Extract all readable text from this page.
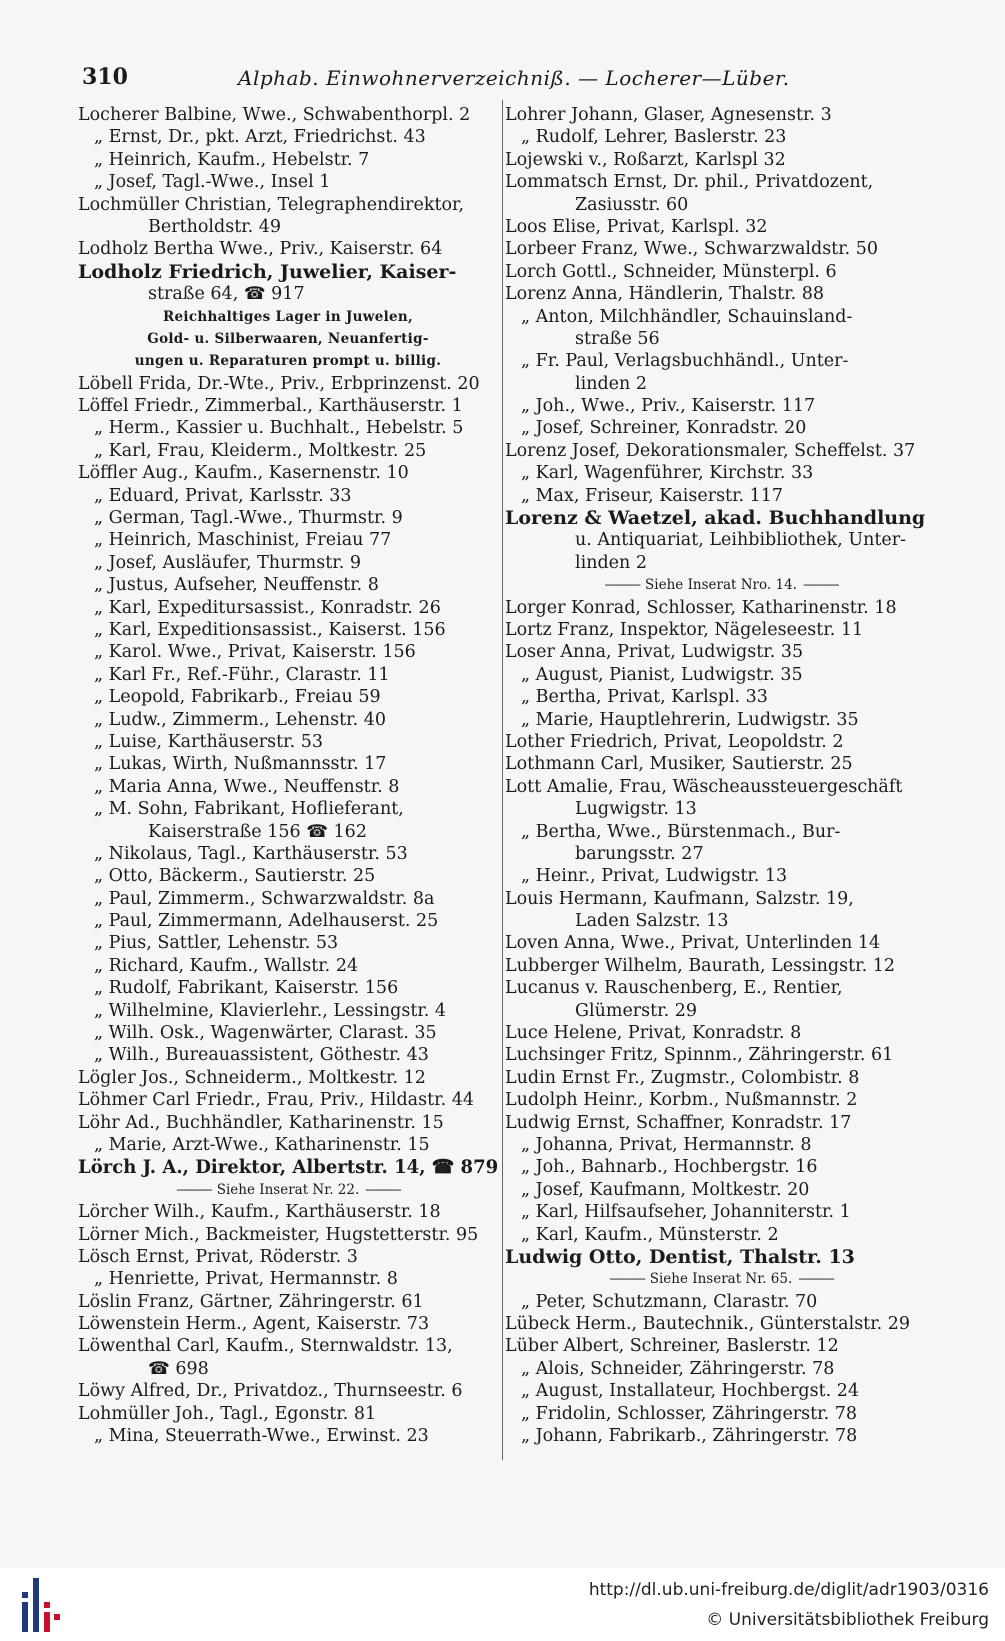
310	Alphab. Einwohnerverzeichniß. — Locherer—Lüber.
Locherer Balbine, Wwe., Schwabenthorpl. 2
„ Ernst, Dr., pkt. Arzt, Friedrichst. 43
„ Heinrich, Kaufm., Hebelstr. 7
„ Josef, Tagl.-Wwe., Insel 1
Lochmüller Christian, Telegraphendirektor,
Bertholdstr. 49
Lodholz Bertha Wwe., Priv., Kaiserstr. 64
Lodholz Friedrich, Juwelier, Kaiser-
straße 64, ☎ 917
Reichhaltiges Lager in Juwelen,
Gold- u. Silberwaaren, Neuanfertig-
ungen u. Reparaturen prompt u. billig.
Löbell Frida, Dr.-Wte., Priv., Erbprinzenst. 20
Löffel Friedr., Zimmerbal., Karthäuserstr. 1
„ Herm., Kassier u. Buchhalt., Hebelstr. 5
„ Karl, Frau, Kleiderm., Moltkestr. 25
Löffler Aug., Kaufm., Kasernenstr. 10
„ Eduard, Privat, Karlsstr. 33
„ German, Tagl.-Wwe., Thurmstr. 9
„ Heinrich, Maschinist, Freiau 77
„ Josef, Ausläufer, Thurmstr. 9
„ Justus, Aufseher, Neuffenstr. 8
„ Karl, Expeditursassist., Konradstr. 26
„ Karl, Expeditionsassist., Kaiserst. 156
„ Karol. Wwe., Privat, Kaiserstr. 156
„ Karl Fr., Ref.-Führ., Clarastr. 11
„ Leopold, Fabrikarb., Freiau 59
„ Ludw., Zimmerm., Lehenstr. 40
„ Luise, Karthäuserstr. 53
„ Lukas, Wirth, Nußmannsstr. 17
„ Maria Anna, Wwe., Neuffenstr. 8
„ M. Sohn, Fabrikant, Hoflieferant,
Kaiserstraße 156 ☎ 162
„ Nikolaus, Tagl., Karthäuserstr. 53
„ Otto, Bäckerm., Sautierstr. 25
„ Paul, Zimmerm., Schwarzwaldstr. 8a
„ Paul, Zimmermann, Adelhauserst. 25
„ Pius, Sattler, Lehenstr. 53
„ Richard, Kaufm., Wallstr. 24
„ Rudolf, Fabrikant, Kaiserstr. 156
„ Wilhelmine, Klavierlehr., Lessingstr. 4
„ Wilh. Osk., Wagenwärter, Clarast. 35
„ Wilh., Bureauassistent, Göthestr. 43
Lögler Jos., Schneiderm., Moltkestr. 12
Löhmer Carl Friedr., Frau, Priv., Hildastr. 44
Löhr Ad., Buchhändler, Katharinenstr. 15
„ Marie, Arzt-Wwe., Katharinenstr. 15
Lörch J. A., Direktor, Albertstr. 14, ☎ 879
——— Siehe Inserat Nr. 22. ———
Lörcher Wilh., Kaufm., Karthäuserstr. 18
Lörner Mich., Backmeister, Hugstetterstr. 95
Lösch Ernst, Privat, Röderstr. 3
„ Henriette, Privat, Hermannstr. 8
Löslin Franz, Gärtner, Zähringerstr. 61
Löwenstein Herm., Agent, Kaiserstr. 73
Löwenthal Carl, Kaufm., Sternwaldstr. 13,
☎ 698
Löwy Alfred, Dr., Privatdoz., Thurnseestr. 6
Lohmüller Joh., Tagl., Egonstr. 81
„ Mina, Steuerrath-Wwe., Erwinst. 23
Lohrer Johann, Glaser, Agnesenstr. 3
„ Rudolf, Lehrer, Baslerstr. 23
Lojewski v., Roßarzt, Karlspl 32
Lommatsch Ernst, Dr. phil., Privatdozent,
Zasiusstr. 60
Loos Elise, Privat, Karlspl. 32
Lorbeer Franz, Wwe., Schwarzwaldstr. 50
Lorch Gottl., Schneider, Münsterpl. 6
Lorenz Anna, Händlerin, Thalstr. 88
„ Anton, Milchhändler, Schauinsland-
straße 56
„ Fr. Paul, Verlagsbuchhändl., Unter-
linden 2
„ Joh., Wwe., Priv., Kaiserstr. 117
„ Josef, Schreiner, Konradstr. 20
Lorenz Josef, Dekorationsmaler, Scheffelst. 37
„ Karl, Wagenführer, Kirchstr. 33
„ Max, Friseur, Kaiserstr. 117
Lorenz & Waetzel, akad. Buchhandlung
u. Antiquariat, Leihbibliothek, Unter-
linden 2
——— Siehe Inserat Nro. 14. ———
Lorger Konrad, Schlosser, Katharinenstr. 18
Lortz Franz, Inspektor, Nägeleseestr. 11
Loser Anna, Privat, Ludwigstr. 35
„ August, Pianist, Ludwigstr. 35
„ Bertha, Privat, Karlspl. 33
„ Marie, Hauptlehrerin, Ludwigstr. 35
Lother Friedrich, Privat, Leopoldstr. 2
Lothmann Carl, Musiker, Sautierstr. 25
Lott Amalie, Frau, Wäscheaussteuergeschäft
Lugwigstr. 13
„ Bertha, Wwe., Bürstenmach., Bur-
barungsstr. 27
„ Heinr., Privat, Ludwigstr. 13
Louis Hermann, Kaufmann, Salzstr. 19,
Laden Salzstr. 13
Loven Anna, Wwe., Privat, Unterlinden 14
Lubberger Wilhelm, Baurath, Lessingstr. 12
Lucanus v. Rauschenberg, E., Rentier,
Glümerstr. 29
Luce Helene, Privat, Konradstr. 8
Luchsinger Fritz, Spinnm., Zähringerstr. 61
Ludin Ernst Fr., Zugmstr., Colombistr. 8
Ludolph Heinr., Korbm., Nußmannstr. 2
Ludwig Ernst, Schaffner, Konradstr. 17
„ Johanna, Privat, Hermannstr. 8
„ Joh., Bahnarb., Hochbergstr. 16
„ Josef, Kaufmann, Moltkestr. 20
„ Karl, Hilfsaufseher, Johanniterstr. 1
„ Karl, Kaufm., Münsterstr. 2
Ludwig Otto, Dentist, Thalstr. 13
——— Siehe Inserat Nr. 65. ———
„ Peter, Schutzmann, Clarastr. 70
Lübeck Herm., Bautechnik., Günterstalstr. 29
Lüber Albert, Schreiner, Baslerstr. 12
„ Alois, Schneider, Zähringerstr. 78
„ August, Installateur, Hochbergst. 24
„ Fridolin, Schlosser, Zähringerstr. 78
„ Johann, Fabrikarb., Zähringerstr. 78
http://dl.ub.uni-freiburg.de/diglit/adr1903/0316
© Universitätsbibliothek Freiburg
